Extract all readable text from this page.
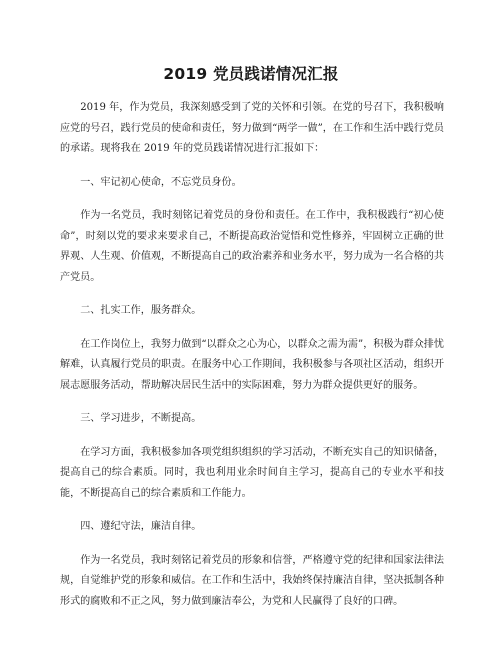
2019 党员践诺情况汇报

2019 年，作为党员，我深刻感受到了党的关怀和引领。在党的号召下，我积极响应党的号召，践行党员的使命和责任，努力做到“两学一做”，在工作和生活中践行党员的承诺。现将我在 2019 年的党员践诺情况进行汇报如下：

一、牢记初心使命，不忘党员身份。

作为一名党员，我时刻铭记着党员的身份和责任。在工作中，我积极践行“初心使命”，时刻以党的要求来要求自己，不断提高政治觉悟和党性修养，牢固树立正确的世界观、人生观、价值观，不断提高自己的政治素养和业务水平，努力成为一名合格的共产党员。

二、扎实工作，服务群众。

在工作岗位上，我努力做到“以群众之心为心，以群众之需为需”，积极为群众排忧解难，认真履行党员的职责。在服务中心工作期间，我积极参与各项社区活动，组织开展志愿服务活动，帮助解决居民生活中的实际困难，努力为群众提供更好的服务。

三、学习进步，不断提高。

在学习方面，我积极参加各项党组织组织的学习活动，不断充实自己的知识储备，提高自己的综合素质。同时，我也利用业余时间自主学习，提高自己的专业水平和技能，不断提高自己的综合素质和工作能力。

四、遵纪守法，廉洁自律。

作为一名党员，我时刻铭记着党员的形象和信誉，严格遵守党的纪律和国家法律法规，自觉维护党的形象和威信。在工作和生活中，我始终保持廉洁自律，坚决抵制各种形式的腐败和不正之风，努力做到廉洁奉公，为党和人民赢得了良好的口碑。
